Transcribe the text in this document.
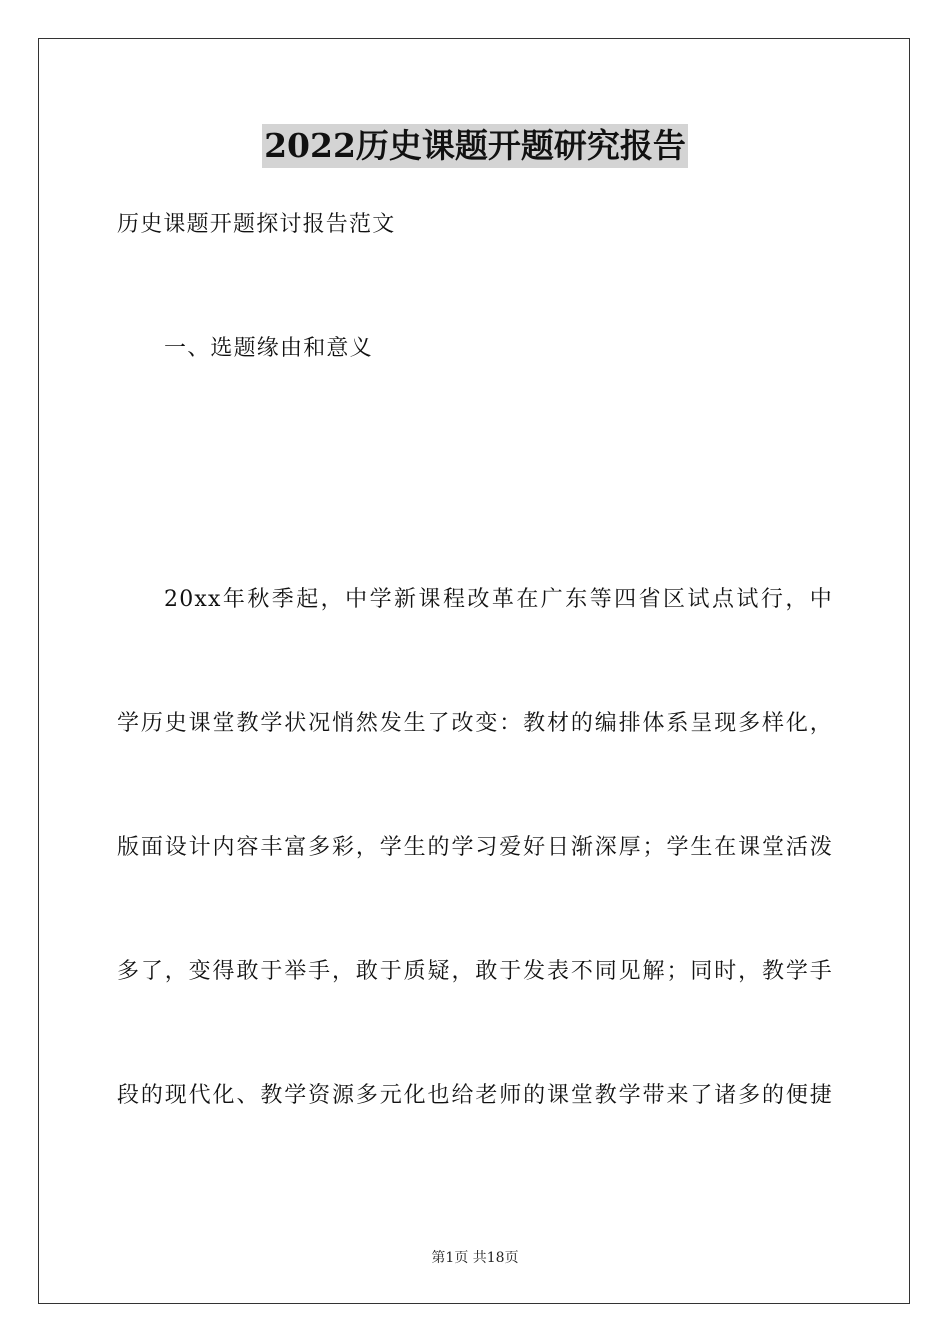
2022历史课题开题研究报告
历史课题开题探讨报告范文
一、选题缘由和意义
20xx年秋季起，中学新课程改革在广东等四省区试点试行，中
学历史课堂教学状况悄然发生了改变：教材的编排体系呈现多样化，
版面设计内容丰富多彩，学生的学习爱好日渐深厚；学生在课堂活泼
多了，变得敢于举手，敢于质疑，敢于发表不同见解；同时，教学手
段的现代化、教学资源多元化也给老师的课堂教学带来了诸多的便捷
第1页 共18页
